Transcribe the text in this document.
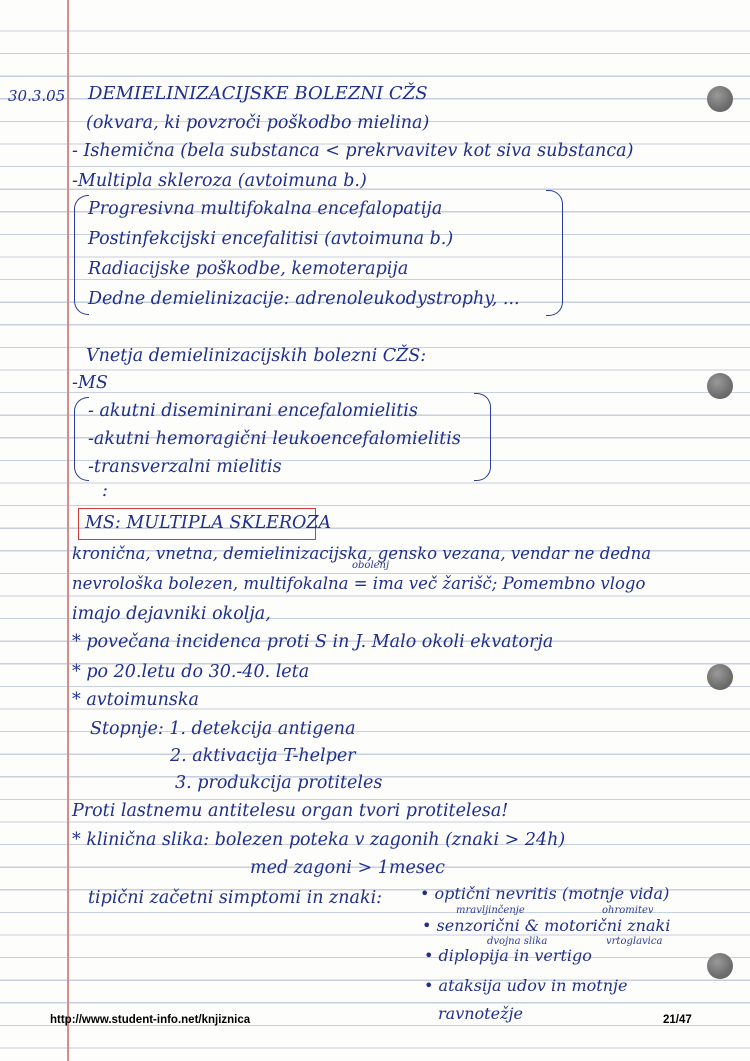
30.3.05 DEMIELINIZACIJSKE BOLEZNI CŽS

(okvara, ki povzroči poškodbo mielina)

- Ishemična (bela substanca < prekrvavitev kot siva substanca)

-Multipla skleroza (avtoimuna b.)

Progresivna multifokalna encefalopatija

Postinfekcijski encefalitisi (avtoimuna b.)

Radiacijske poškodbe, kemoterapija

Dedne demielinizacije: adrenoleukodystrophy, ...

Vnetja demielinizacijskih bolezni CŽS:

-MS

- akutni diseminirani encefalomielitis

-akutni hemoragični leukoencefalomielitis

-transverzalni mielitis

:

MS: MULTIPLA SKLEROZA

kronična, vnetna, demielinizacijska, gensko vezana, vendar ne dedna

obolenj

nevrološka bolezen, multifokalna = ima več žarišč; Pomembno vlogo

imajo dejavniki okolja,

* povečana incidenca proti S in J. Malo okoli ekvatorja

* po 20.letu do 30.-40. leta

* avtoimunska

Stopnje: 1. detekcija antigena

2. aktivacija T-helper

3. produkcija protiteles

Proti lastnemu antitelesu organ tvori protitelesa!

* klinična slika: bolezen poteka v zagonih (znaki > 24h)

med zagoni > 1mesec

tipični začetni simptomi in znaki: • optični nevritis (motnje vida)

mravljinčenje	ohromitev

• senzorični & motorični znaki

dvojna slika	vrtoglavica

• diplopija in vertigo

• ataksija udov in motnje

ravnotežje

http://www.student-info.net/knjiznica	21/47
